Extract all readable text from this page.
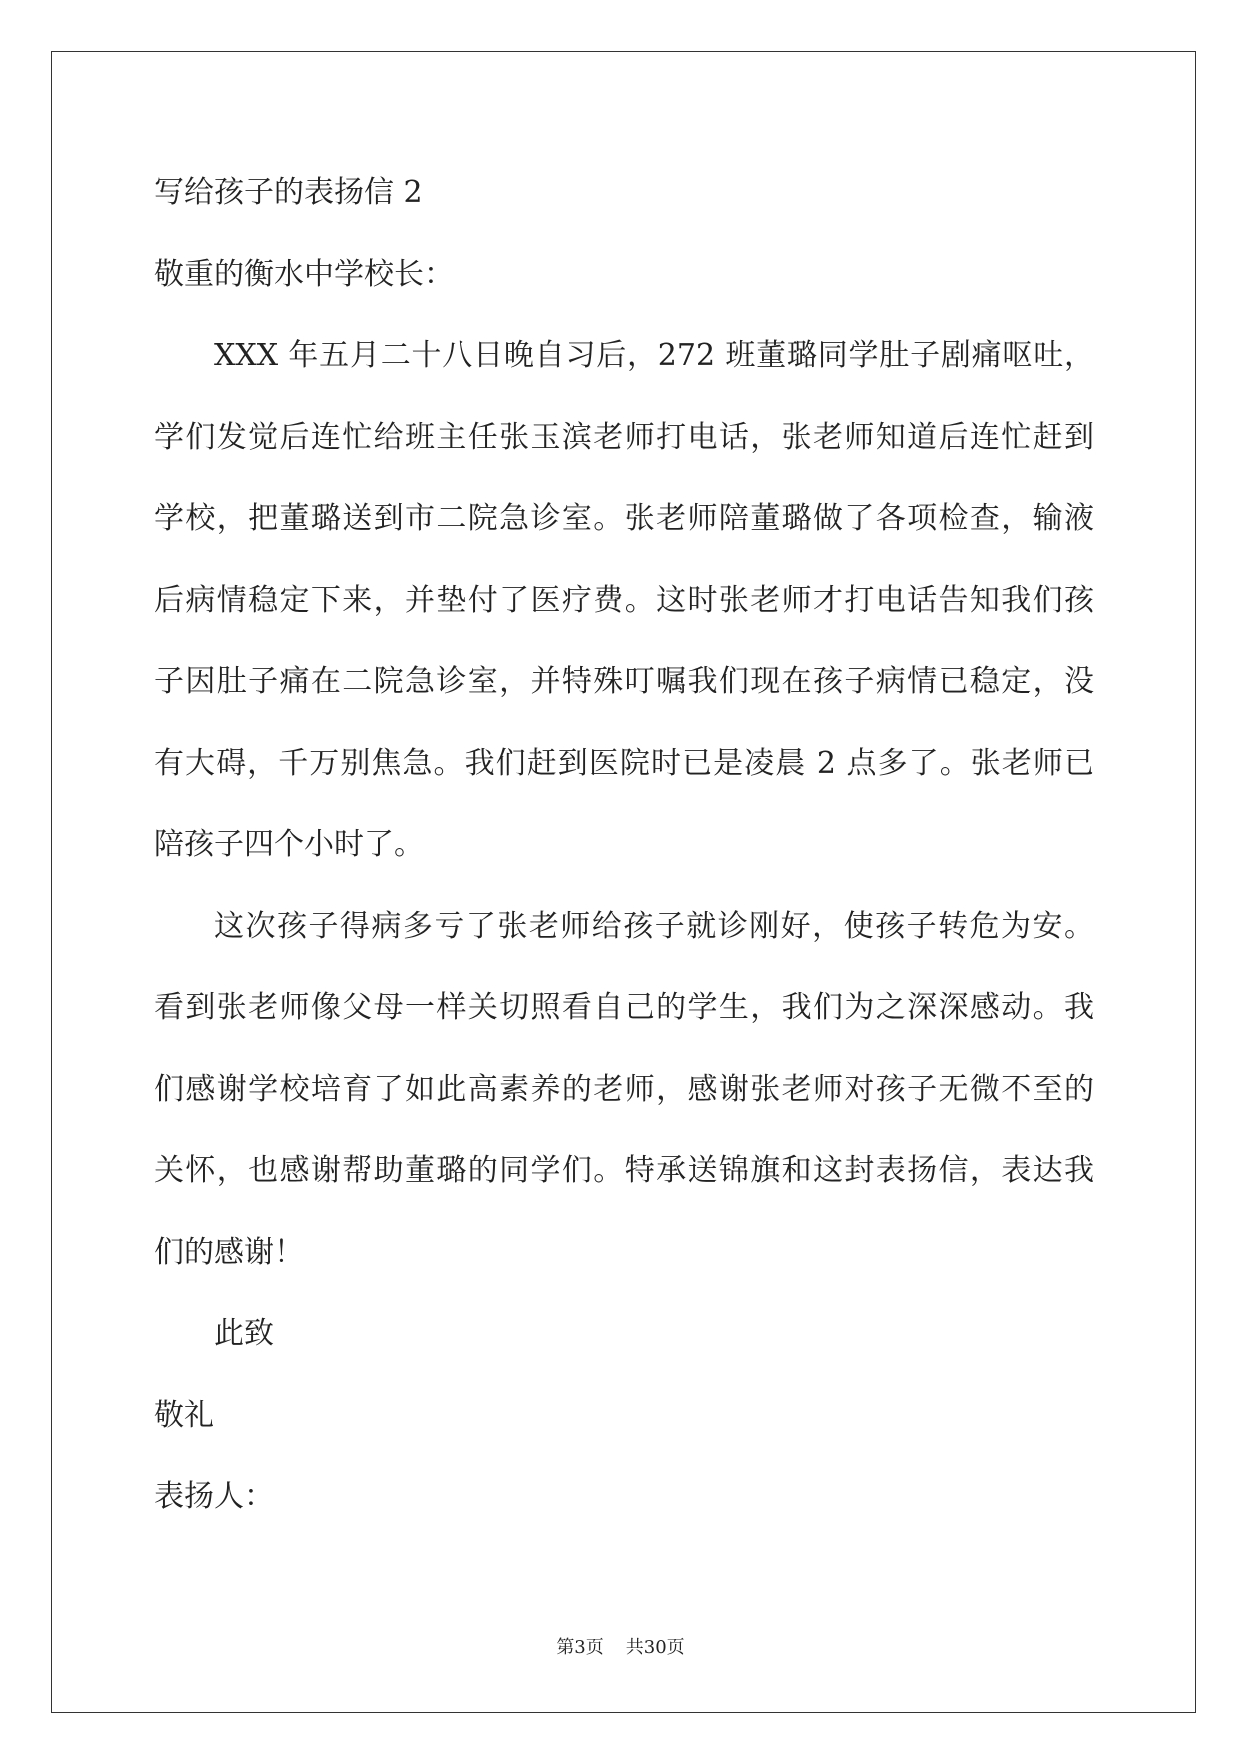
写给孩子的表扬信 2
敬重的衡水中学校长：
XXX 年五月二十八日晚自习后，272 班董璐同学肚子剧痛呕吐，
学们发觉后连忙给班主任张玉滨老师打电话，张老师知道后连忙赶到
学校，把董璐送到市二院急诊室。张老师陪董璐做了各项检查，输液
后病情稳定下来，并垫付了医疗费。这时张老师才打电话告知我们孩
子因肚子痛在二院急诊室，并特殊叮嘱我们现在孩子病情已稳定，没
有大碍，千万别焦急。我们赶到医院时已是凌晨 2 点多了。张老师已
陪孩子四个小时了。
这次孩子得病多亏了张老师给孩子就诊刚好，使孩子转危为安。
看到张老师像父母一样关切照看自己的学生，我们为之深深感动。我
们感谢学校培育了如此高素养的老师，感谢张老师对孩子无微不至的
关怀，也感谢帮助董璐的同学们。特承送锦旗和这封表扬信，表达我
们的感谢！
此致
敬礼
表扬人：
第3页 共30页
